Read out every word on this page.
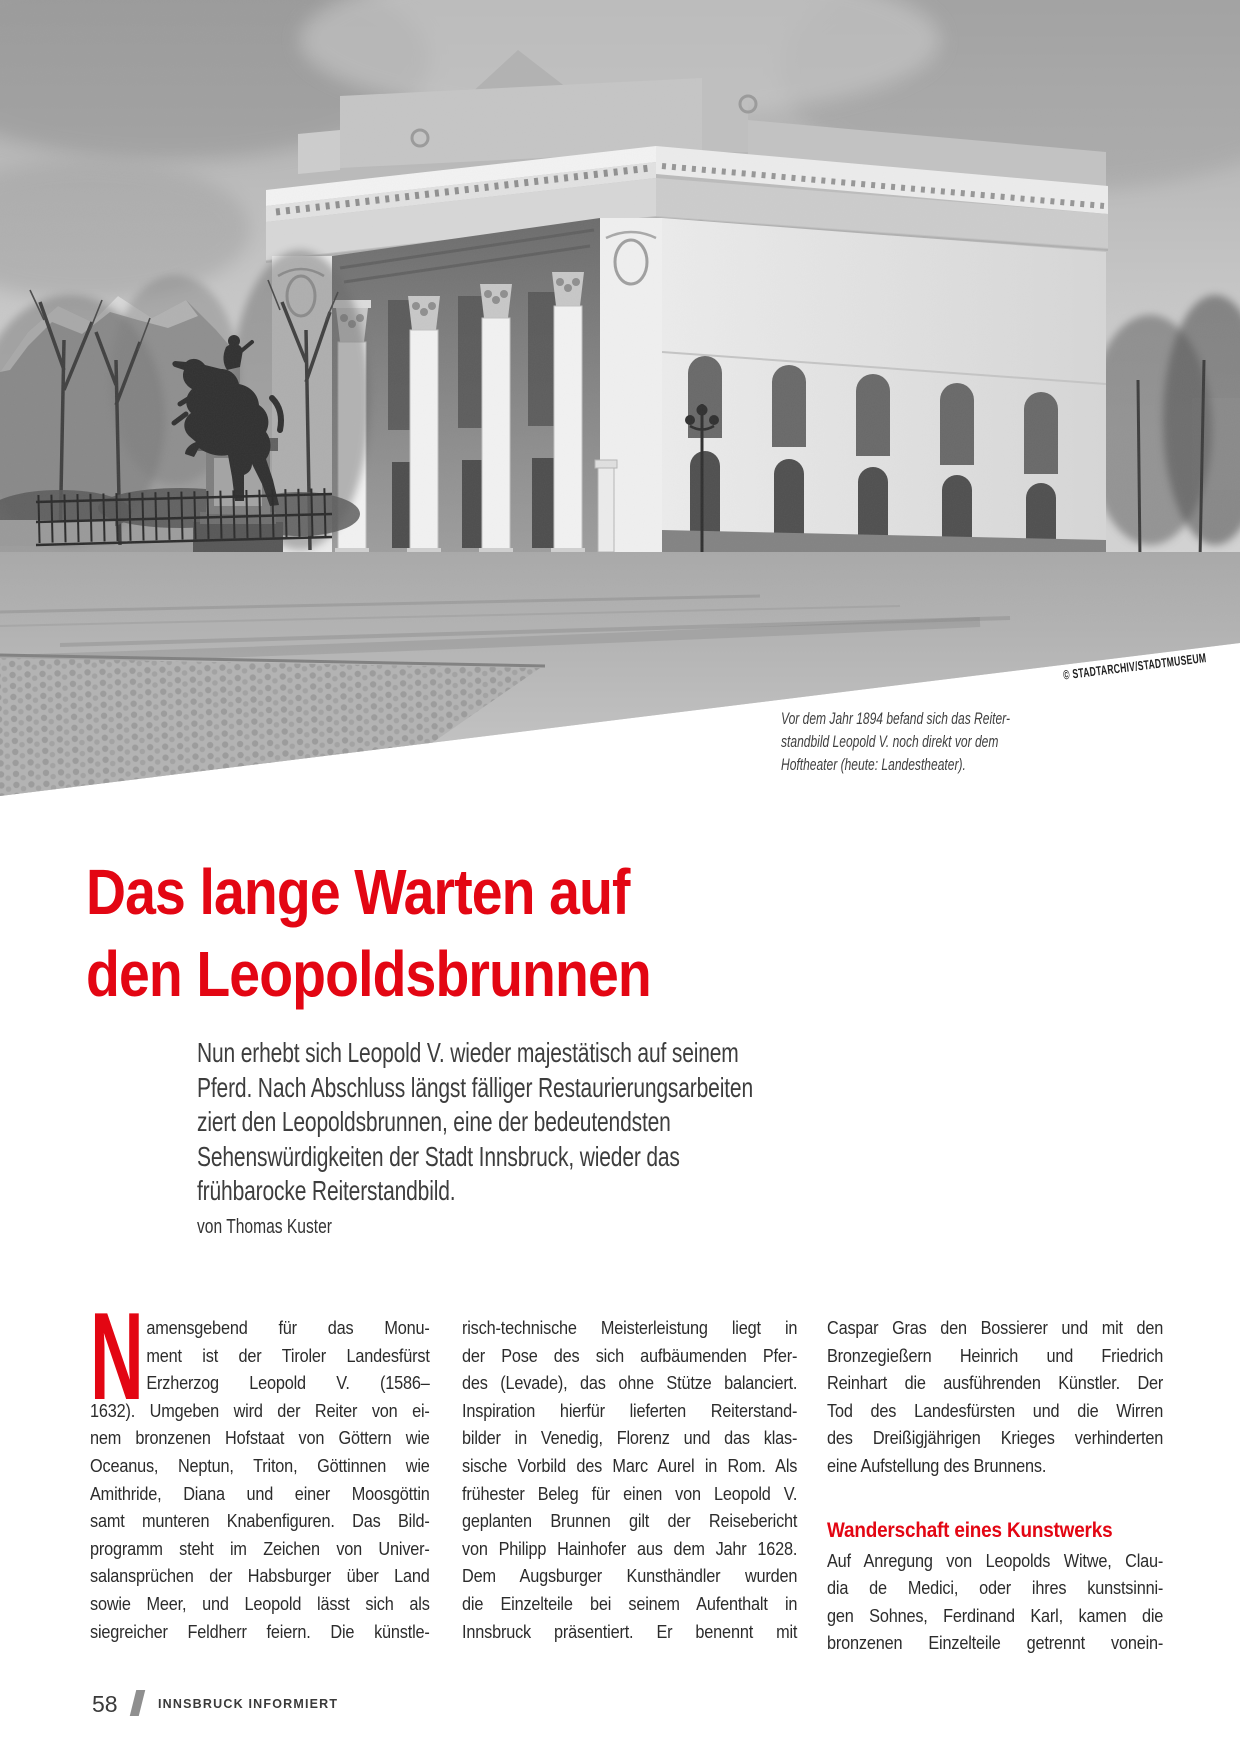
© STADTARCHIV/STADTMUSEUM
Vor dem Jahr 1894 befand sich das Reiter-
standbild Leopold V. noch direkt vor dem
Hoftheater (heute: Landestheater).
Das lange Warten auf
den Leopoldsbrunnen
Nun erhebt sich Leopold V. wieder majestätisch auf seinem
Pferd. Nach Abschluss längst fälliger Restaurierungsarbeiten
ziert den Leopoldsbrunnen, eine der bedeutendsten
Sehenswürdigkeiten der Stadt Innsbruck, wieder das
frühbarocke Reiterstandbild.
von Thomas Kuster
N amensgebend für das Monu-
ment ist der Tiroler Landesfürst
Erzherzog Leopold V. (1586–
1632). Umgeben wird der Reiter von ei-
nem bronzenen Hofstaat von Göttern wie
Oceanus, Neptun, Triton, Göttinnen wie
Amithride, Diana und einer Moosgöttin
samt munteren Knabenfiguren. Das Bild-
programm steht im Zeichen von Univer-
salansprüchen der Habsburger über Land
sowie Meer, und Leopold lässt sich als
siegreicher Feldherr feiern. Die künstle-
risch-technische Meisterleistung liegt in
der Pose des sich aufbäumenden Pfer-
des (Levade), das ohne Stütze balanciert.
Inspiration hierfür lieferten Reiterstand-
bilder in Venedig, Florenz und das klas-
sische Vorbild des Marc Aurel in Rom. Als
frühester Beleg für einen von Leopold V.
geplanten Brunnen gilt der Reisebericht
von Philipp Hainhofer aus dem Jahr 1628.
Dem Augsburger Kunsthändler wurden
die Einzelteile bei seinem Aufenthalt in
Innsbruck präsentiert. Er benennt mit
Caspar Gras den Bossierer und mit den
Bronzegießern Heinrich und Friedrich
Reinhart die ausführenden Künstler. Der
Tod des Landesfürsten und die Wirren
des Dreißigjährigen Krieges verhinderten
eine Aufstellung des Brunnens.
Wanderschaft eines Kunstwerks
Auf Anregung von Leopolds Witwe, Clau-
dia de Medici, oder ihres kunstsinni-
gen Sohnes, Ferdinand Karl, kamen die
bronzenen Einzelteile getrennt vonein-
58	INNSBRUCK INFORMIERT
